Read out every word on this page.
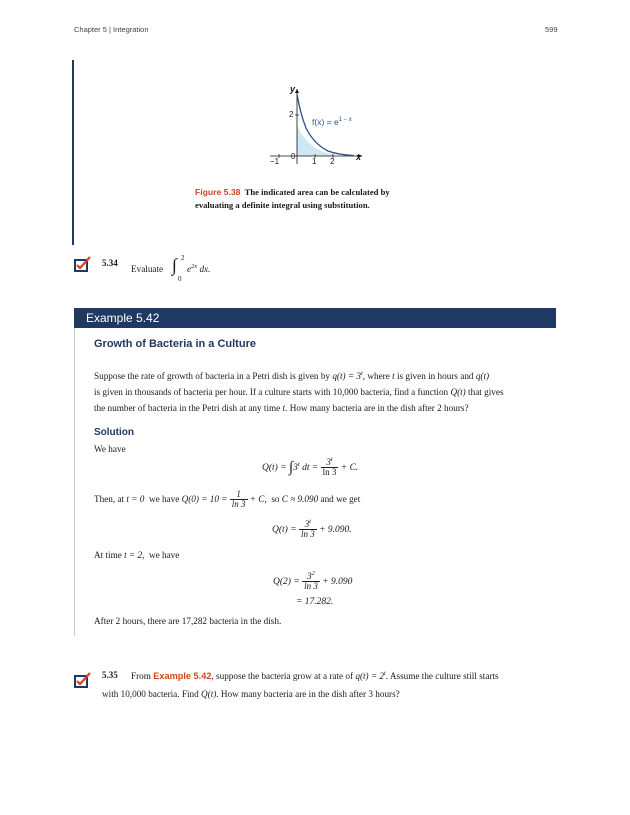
Chapter 5 | Integration	599
y
x
2
−1
0
1 2
$f(x) = e^{1 - x}$
Figure 5.38 The indicated area can be calculated by
evaluating a definite integral using substitution.
5.34
Evaluate ∫ 2
0
$e^{2x}$ dx.
Example 5.42
Growth of Bacteria in a Culture
Suppose the rate of growth of bacteria in a Petri dish is given by $q(t) = 3^t$, where t is given in hours and q(t)
is given in thousands of bacteria per hour. If a culture starts with 10,000 bacteria, find a function Q(t) that gives
the number of bacteria in the Petri dish at any time t. How many bacteria are in the dish after 2 hours?
Solution
We have
$Q(t) = \int 3^t$ dt = $\frac{3^t}{\ln 3} + C$.
Then, at t = 0 we have $Q(0) = 10 = \frac{1}{\ln 3} + C$, so C ≈ 9.090 and we get
$Q(t) = \frac{3^t}{\ln 3} + 9.090$.
At time t = 2, we have
$Q(2) = \frac{3^2}{\ln 3} + 9.090$
= 17.282.
After 2 hours, there are 17,282 bacteria in the dish.
5.35 From Example 5.42, suppose the bacteria grow at a rate of $q(t) = 2^t$. Assume the culture still starts
with 10,000 bacteria. Find Q(t). How many bacteria are in the dish after 3 hours?
